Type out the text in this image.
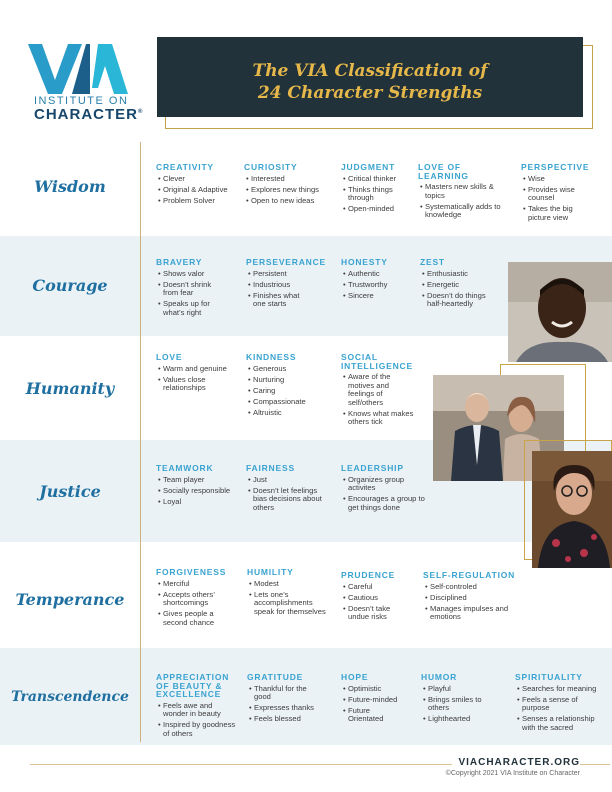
INSTITUTE ON
CHARACTER®
The VIA Classification of
24 Character Strengths
Wisdom
Courage
Humanity
Justice
Temperance
Transcendence
CREATIVITY
• Clever
• Original & Adaptive
• Problem Solver
CURIOSITY
• Interested
• Explores new things
• Open to new ideas
JUDGMENT
• Critical thinker
• Thinks things through
• Open-minded
LOVE OF LEARNING
• Masters new skills & topics
• Systematically adds to knowledge
PERSPECTIVE
• Wise
• Provides wise counsel
• Takes the big picture view
BRAVERY
• Shows valor
• Doesn’t shrink from fear
• Speaks up for what’s right
PERSEVERANCE
• Persistent
• Industrious
• Finishes what one starts
HONESTY
• Authentic
• Trustworthy
• Sincere
ZEST
• Enthusiastic
• Energetic
• Doesn’t do things half-heartedly
LOVE
• Warm and genuine
• Values close relationships
KINDNESS
• Generous
• Nurturing
• Caring
• Compassionate
• Altruistic
SOCIAL INTELLIGENCE
• Aware of the motives and feelings of self/others
• Knows what makes others tick
TEAMWORK
• Team player
• Socially responsible
• Loyal
FAIRNESS
• Just
• Doesn’t let feelings bias decisions about others
LEADERSHIP
• Organizes group activites
• Encourages a group to get things done
FORGIVENESS
• Merciful
• Accepts others’ shortcomings
• Gives people a second chance
HUMILITY
• Modest
• Lets one’s accomplishments speak for themselves
PRUDENCE
• Careful
• Cautious
• Doesn’t take undue risks
SELF-REGULATION
• Self-controled
• Disciplined
• Manages impulses and emotions
APPRECIATION OF BEAUTY & EXCELLENCE
• Feels awe and wonder in beauty
• Inspired by goodness of others
GRATITUDE
• Thankful for the good
• Expresses thanks
• Feels blessed
HOPE
• Optimistic
• Future-minded
• Future Orientated
HUMOR
• Playful
• Brings smiles to others
• Lighthearted
SPIRITUALITY
• Searches for meaning
• Feels a sense of purpose
• Senses a relationship with the sacred
VIACHARACTER.ORG
©Copyright 2021 VIA Institute on Character
